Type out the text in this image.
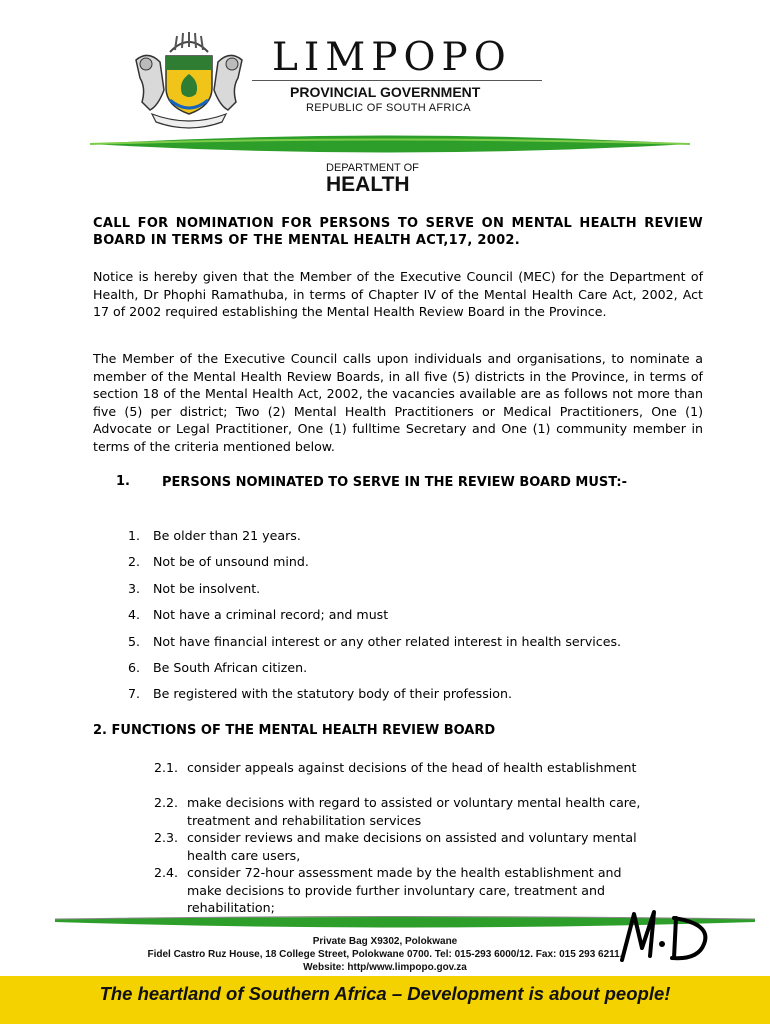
LIMPOPO
PROVINCIAL GOVERNMENT
REPUBLIC OF SOUTH AFRICA
DEPARTMENT OF
HEALTH
CALL FOR NOMINATION FOR PERSONS TO SERVE ON MENTAL HEALTH REVIEW BOARD IN TERMS OF THE MENTAL HEALTH ACT,17, 2002.

Notice is hereby given that the Member of the Executive Council (MEC) for the Department of Health, Dr Phophi Ramathuba, in terms of Chapter IV of the Mental Health Care Act, 2002, Act 17 of 2002 required establishing the Mental Health Review Board in the Province.

The Member of the Executive Council calls upon individuals and organisations, to nominate a member of the Mental Health Review Boards, in all five (5) districts in the Province, in terms of section 18 of the Mental Health Act, 2002, the vacancies available are as follows not more than five (5) per district; Two (2) Mental Health Practitioners or Medical Practitioners, One (1) Advocate or Legal Practitioner, One (1) fulltime Secretary and One (1) community member in terms of the criteria mentioned below.

1. PERSONS NOMINATED TO SERVE IN THE REVIEW BOARD MUST:-
1. Be older than 21 years.
2. Not be of unsound mind.
3. Not be insolvent.
4. Not have a criminal record; and must
5. Not have financial interest or any other related interest in health services.
6. Be South African citizen.
7. Be registered with the statutory body of their profession.
2. FUNCTIONS OF THE MENTAL HEALTH REVIEW BOARD
2.1. consider appeals against decisions of the head of health establishment
2.2. make decisions with regard to assisted or voluntary mental health care, treatment and rehabilitation services
2.3. consider reviews and make decisions on assisted and voluntary mental health care users,
2.4. consider 72-hour assessment made by the health establishment and make decisions to provide further involuntary care, treatment and rehabilitation;
Private Bag X9302, Polokwane
Fidel Castro Ruz House, 18 College Street, Polokwane 0700. Tel: 015-293 6000/12. Fax: 015 293 6211.
Website: http/www.limpopo.gov.za
The heartland of Southern Africa – Development is about people!
